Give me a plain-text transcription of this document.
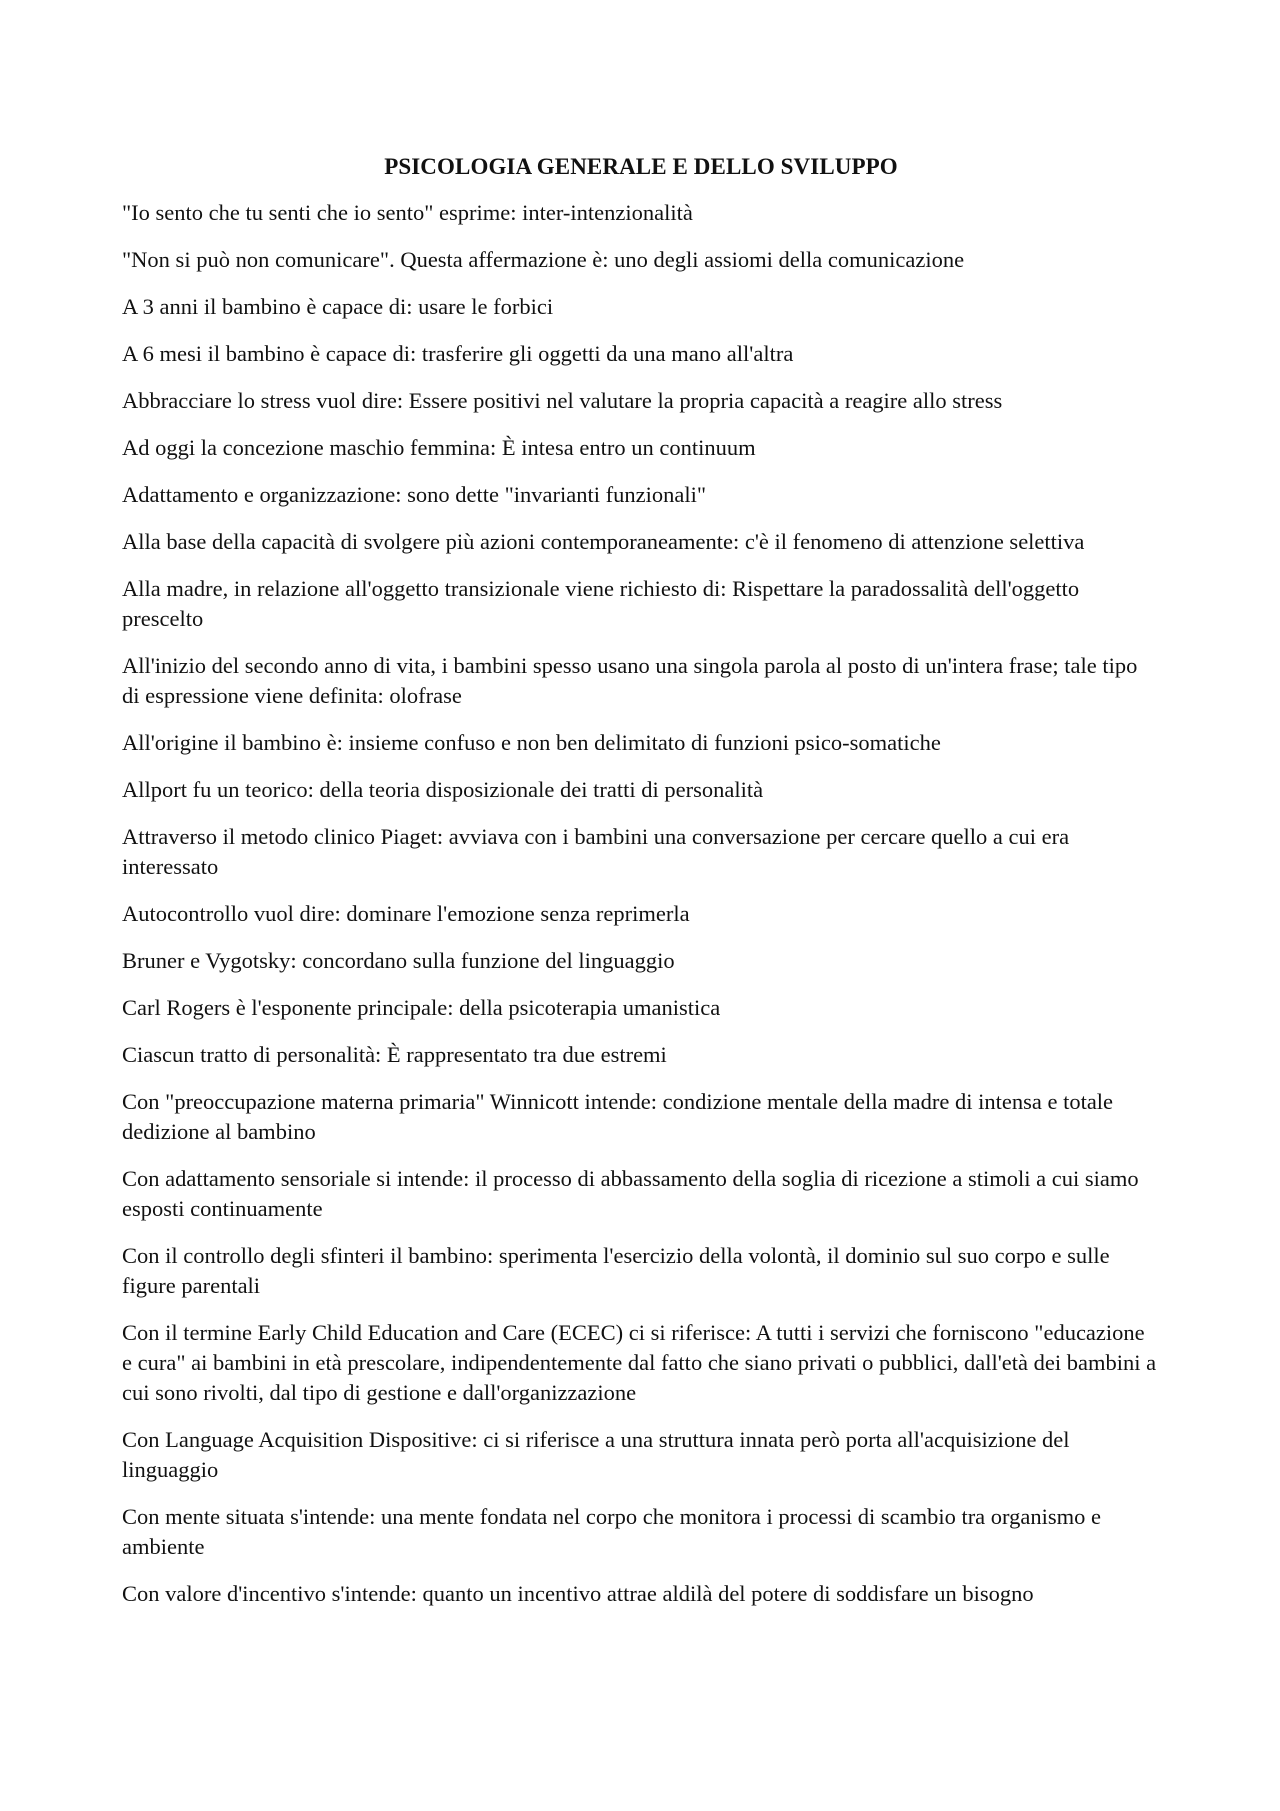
PSICOLOGIA GENERALE E DELLO SVILUPPO
"Io sento che tu senti che io sento" esprime: inter-intenzionalità
"Non si può non comunicare". Questa affermazione è: uno degli assiomi della comunicazione
A 3 anni il bambino è capace di: usare le forbici
A 6 mesi il bambino è capace di: trasferire gli oggetti da una mano all'altra
Abbracciare lo stress vuol dire: Essere positivi nel valutare la propria capacità a reagire allo stress
Ad oggi la concezione maschio femmina: È intesa entro un continuum
Adattamento e organizzazione: sono dette "invarianti funzionali"
Alla base della capacità di svolgere più azioni contemporaneamente: c'è il fenomeno di attenzione selettiva
Alla madre, in relazione all'oggetto transizionale viene richiesto di: Rispettare la paradossalità dell'oggetto prescelto
All'inizio del secondo anno di vita, i bambini spesso usano una singola parola al posto di un'intera frase; tale tipo di espressione viene definita: olofrase
All'origine il bambino è: insieme confuso e non ben delimitato di funzioni psico-somatiche
Allport fu un teorico: della teoria disposizionale dei tratti di personalità
Attraverso il metodo clinico Piaget: avviava con i bambini una conversazione per cercare quello a cui era interessato
Autocontrollo vuol dire: dominare l'emozione senza reprimerla
Bruner e Vygotsky: concordano sulla funzione del linguaggio
Carl Rogers è l'esponente principale: della psicoterapia umanistica
Ciascun tratto di personalità: È rappresentato tra due estremi
Con "preoccupazione materna primaria" Winnicott intende: condizione mentale della madre di intensa e totale dedizione al bambino
Con adattamento sensoriale si intende: il processo di abbassamento della soglia di ricezione a stimoli a cui siamo esposti continuamente
Con il controllo degli sfinteri il bambino: sperimenta l'esercizio della volontà, il dominio sul suo corpo e sulle figure parentali
Con il termine Early Child Education and Care (ECEC) ci si riferisce: A tutti i servizi che forniscono "educazione e cura" ai bambini in età prescolare, indipendentemente dal fatto che siano privati o pubblici, dall'età dei bambini a cui sono rivolti, dal tipo di gestione e dall'organizzazione
Con Language Acquisition Dispositive: ci si riferisce a una struttura innata però porta all'acquisizione del linguaggio
Con mente situata s'intende: una mente fondata nel corpo che monitora i processi di scambio tra organismo e ambiente
Con valore d'incentivo s'intende: quanto un incentivo attrae aldilà del potere di soddisfare un bisogno
